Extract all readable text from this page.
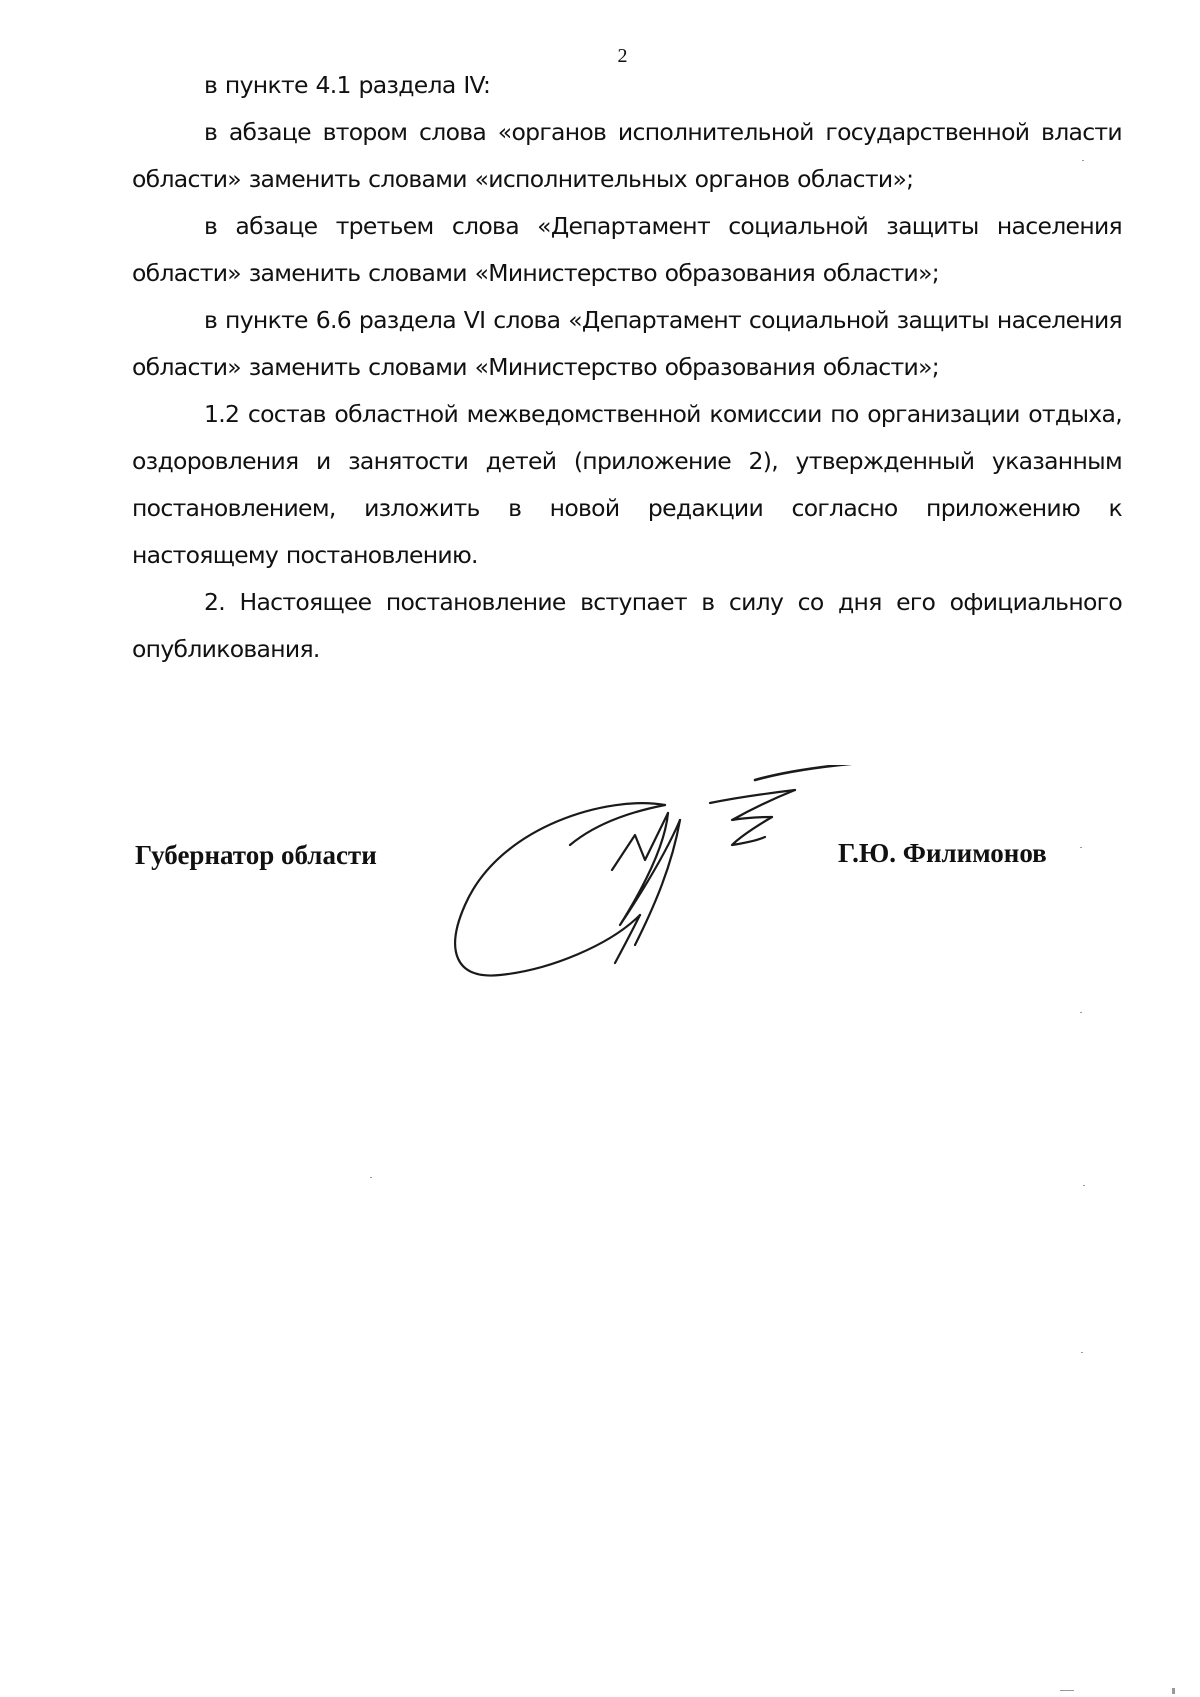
2

в пункте 4.1 раздела IV:

в абзаце втором слова «органов исполнительной государственной власти области» заменить словами «исполнительных органов области»;

в абзаце третьем слова «Департамент социальной защиты населения области» заменить словами «Министерство образования области»;

в пункте 6.6 раздела VI слова «Департамент социальной защиты населения области» заменить словами «Министерство образования области»;

1.2 состав областной межведомственной комиссии по организации отдыха, оздоровления и занятости детей (приложение 2), утвержденный указанным постановлением, изложить в новой редакции согласно приложению к настоящему постановлению.

2. Настоящее постановление вступает в силу со дня его официального опубликования.

Губернатор области	Г.Ю. Филимонов
